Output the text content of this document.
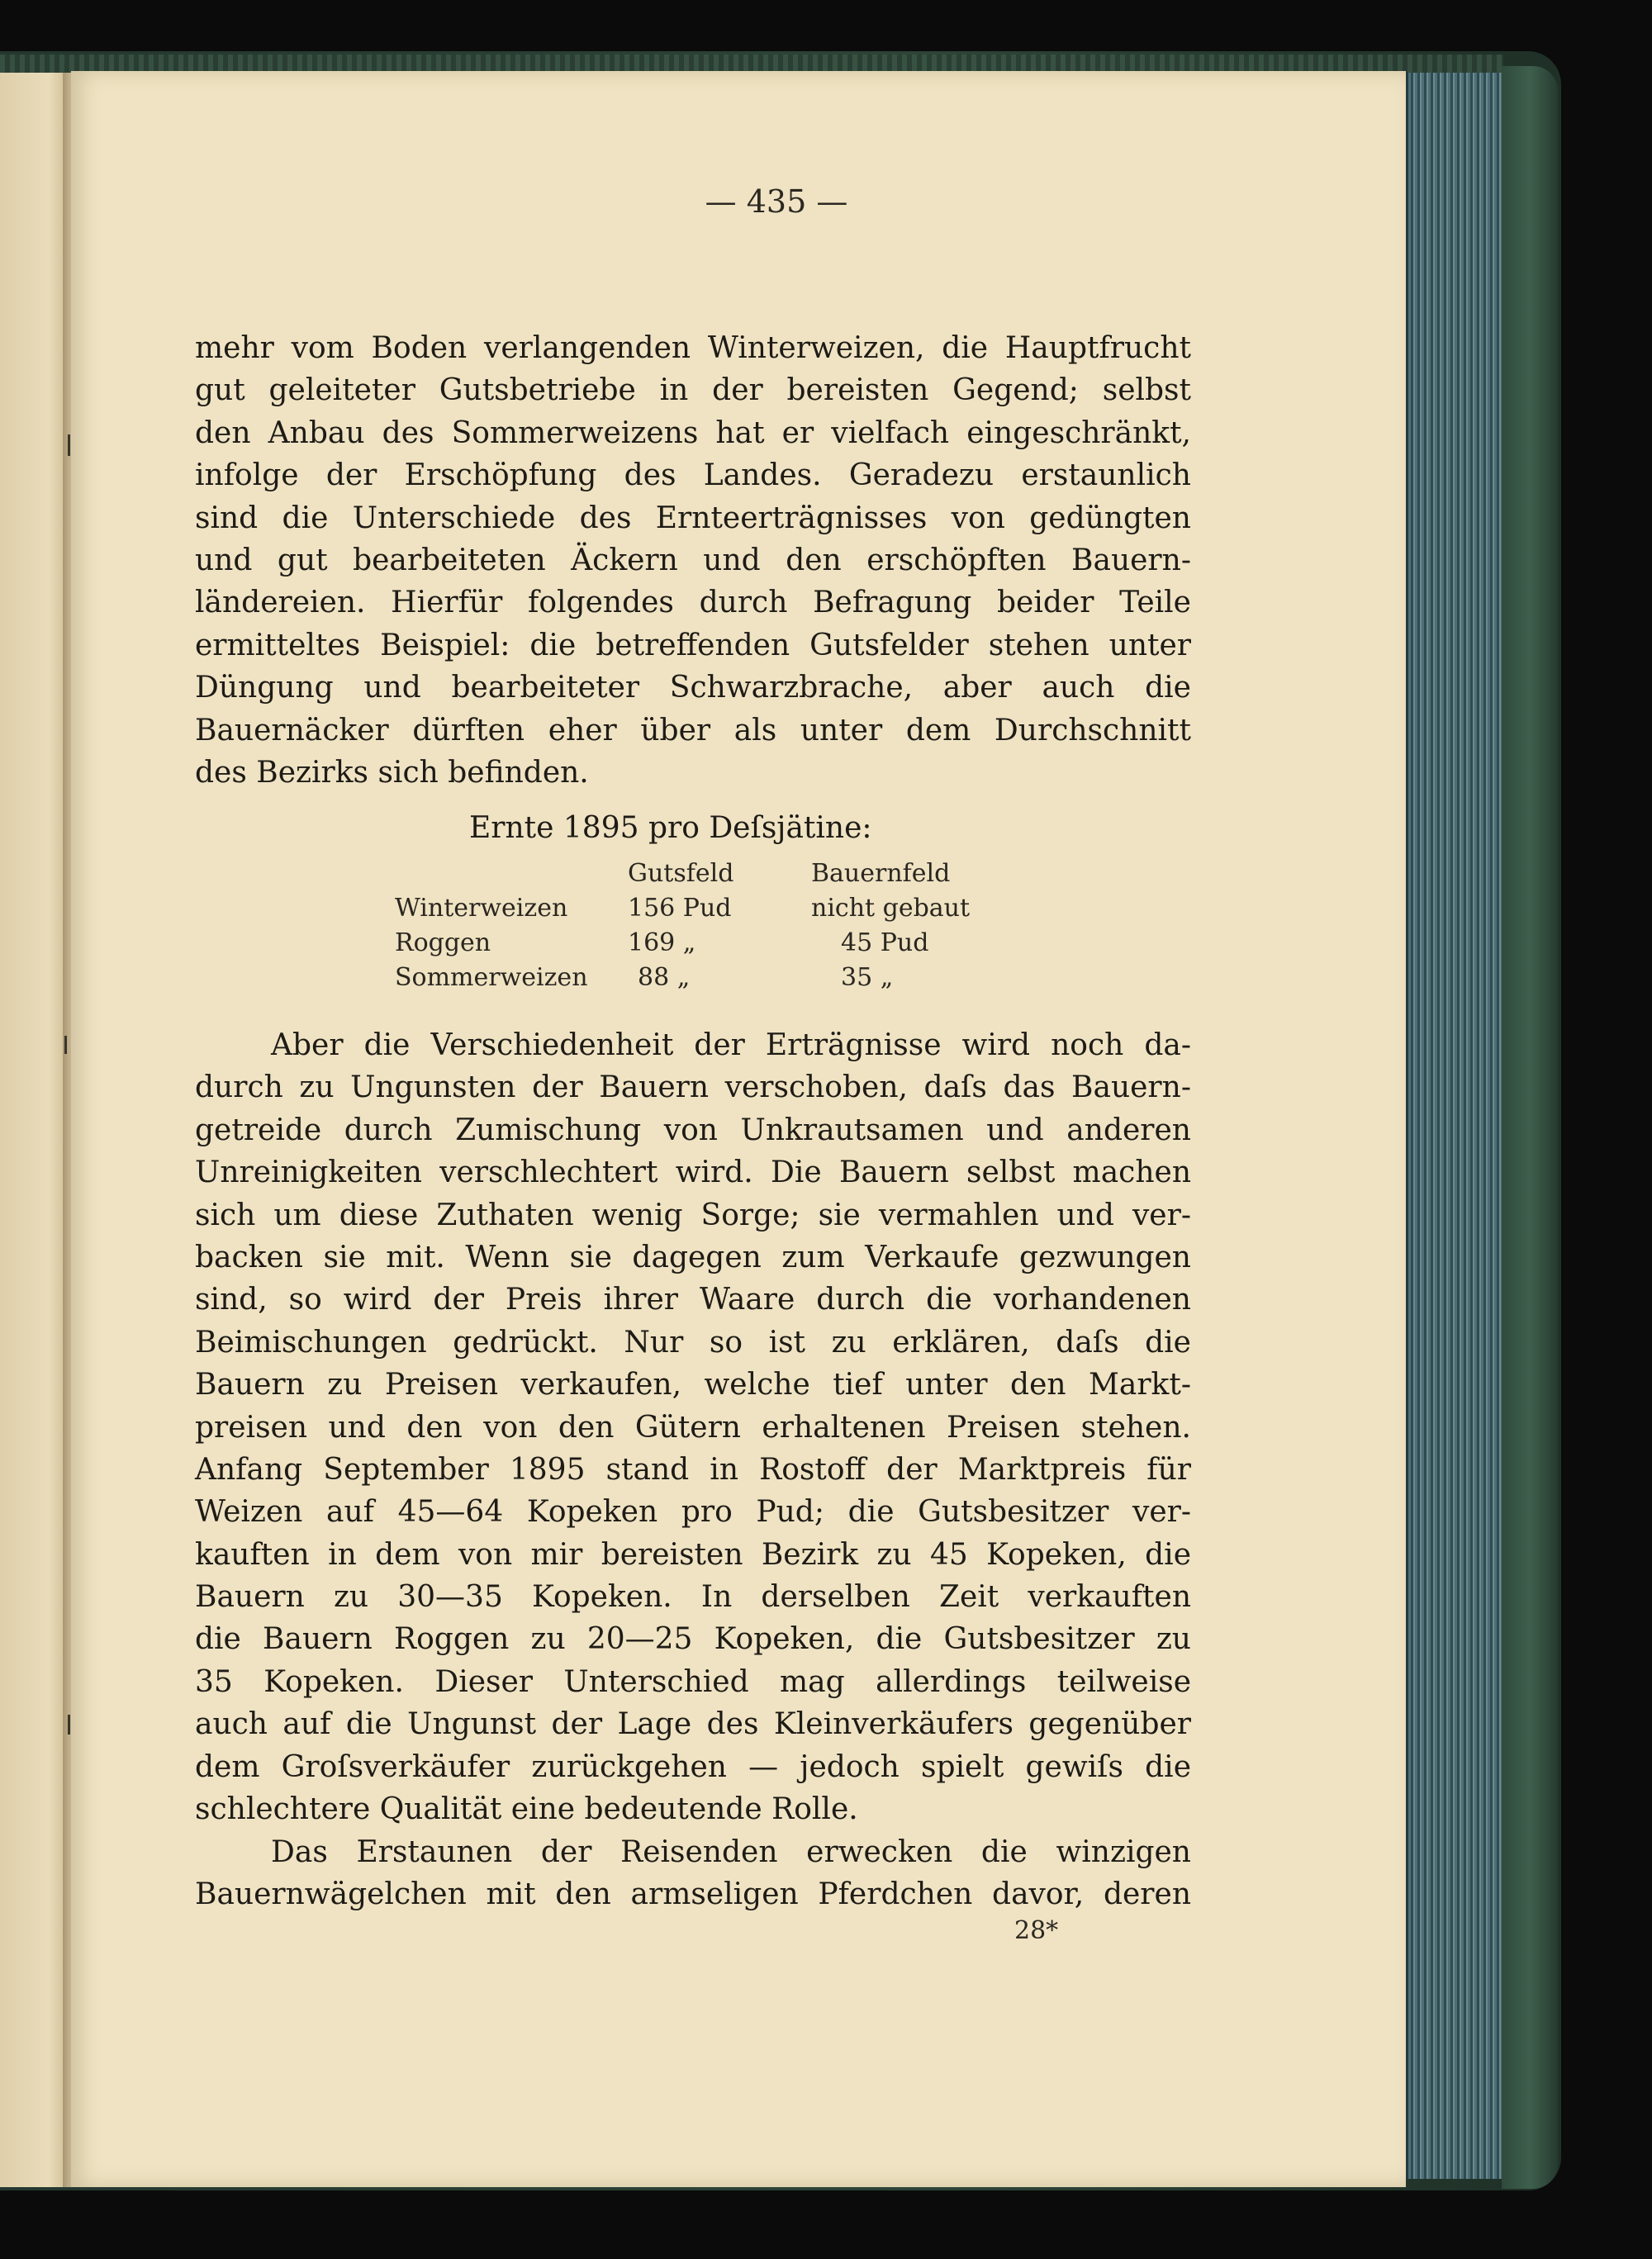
— 435 —
mehr vom Boden verlangenden Winterweizen, die Hauptfrucht
gut geleiteter Gutsbetriebe in der bereisten Gegend; selbst
den Anbau des Sommerweizens hat er vielfach eingeschränkt,
infolge der Erschöpfung des Landes. Geradezu erstaunlich
sind die Unterschiede des Ernteerträgnisses von gedüngten
und gut bearbeiteten Äckern und den erschöpften Bauern-
ländereien. Hierfür folgendes durch Befragung beider Teile
ermitteltes Beispiel: die betreffenden Gutsfelder stehen unter
Düngung und bearbeiteter Schwarzbrache, aber auch die
Bauernäcker dürften eher über als unter dem Durchschnitt
des Bezirks sich befinden.
Ernte 1895 pro Deſsjätine:
Gutsfeld	Bauernfeld
Winterweizen 156 Pud	nicht gebaut
Roggen	169 „	45 Pud
Sommerweizen	88 „	35 „
Aber die Verschiedenheit der Erträgnisse wird noch da-
durch zu Ungunsten der Bauern verschoben, daſs das Bauern-
getreide durch Zumischung von Unkrautsamen und anderen
Unreinigkeiten verschlechtert wird. Die Bauern selbst machen
sich um diese Zuthaten wenig Sorge; sie vermahlen und ver-
backen sie mit. Wenn sie dagegen zum Verkaufe gezwungen
sind, so wird der Preis ihrer Waare durch die vorhandenen
Beimischungen gedrückt. Nur so ist zu erklären, daſs die
Bauern zu Preisen verkaufen, welche tief unter den Markt-
preisen und den von den Gütern erhaltenen Preisen stehen.
Anfang September 1895 stand in Rostoff der Marktpreis für
Weizen auf 45—64 Kopeken pro Pud; die Gutsbesitzer ver-
kauften in dem von mir bereisten Bezirk zu 45 Kopeken, die
Bauern zu 30—35 Kopeken. In derselben Zeit verkauften
die Bauern Roggen zu 20—25 Kopeken, die Gutsbesitzer zu
35 Kopeken. Dieser Unterschied mag allerdings teilweise
auch auf die Ungunst der Lage des Kleinverkäufers gegenüber
dem Groſsverkäufer zurückgehen — jedoch spielt gewiſs die
schlechtere Qualität eine bedeutende Rolle.
Das Erstaunen der Reisenden erwecken die winzigen
Bauernwägelchen mit den armseligen Pferdchen davor, deren
28*
